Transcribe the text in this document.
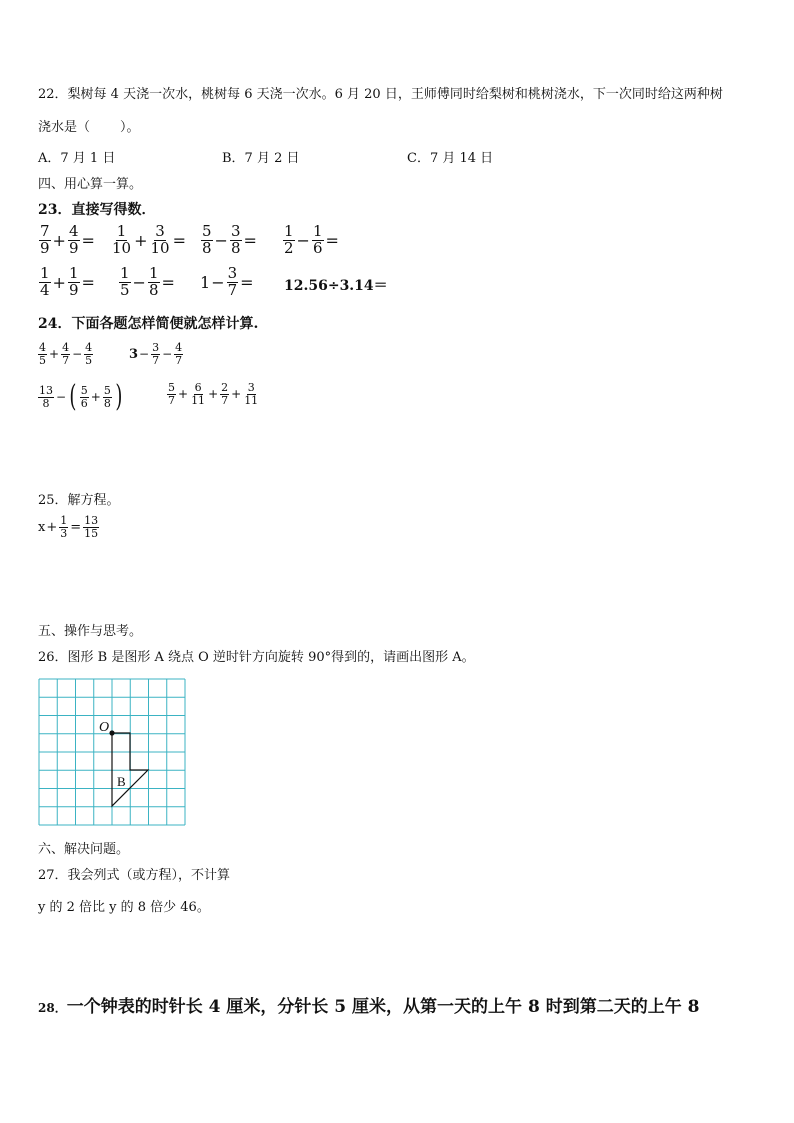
22．梨树每 4 天浇一次水，桃树每 6 天浇一次水。6 月 20 日，王师傅同时给梨树和桃树浇水，下一次同时给这两种树
浇水是（ ）。
A．7 月 1 日	B．7 月 2 日	C．7 月 14 日
四、用心算一算。
23．直接写得数．
$\frac{7}{9} + \frac{4}{9} = \frac{1}{10} + \frac{3}{10} = \frac{5}{8} - \frac{3}{8} = \frac{1}{2} - \frac{1}{6}$ =
$\frac{1}{4} + \frac{1}{9} = \frac{1}{5} - \frac{1}{8} = 1 - \frac{3}{7} = 12.56\div 3.14=$
24．下面各题怎样简便就怎样计算.
$\frac{4}{5} + \frac{4}{7} - \frac{4}{5}$	$3 - \frac{3}{7} - \frac{4}{7}$
$\frac{13}{8}$ − ( $\frac{5}{6} + \frac{5}{8}$ )	$\frac{5}{7} + \frac{6}{11} + \frac{2}{7} + \frac{3}{11}$
25．解方程。
$x + \frac{1}{3} = \frac{13}{15}$
五、操作与思考。
26．图形 B 是图形 A 绕点 O 逆时针方向旋转 90°得到的，请画出图形 A。
O
B
六、解决问题。
27．我会列式（或方程），不计算
y 的 2 倍比 y 的 8 倍少 46。
28．一个钟表的时针长 4 厘米，分针长 5 厘米，从第一天的上午 8 时到第二天的上午 8
